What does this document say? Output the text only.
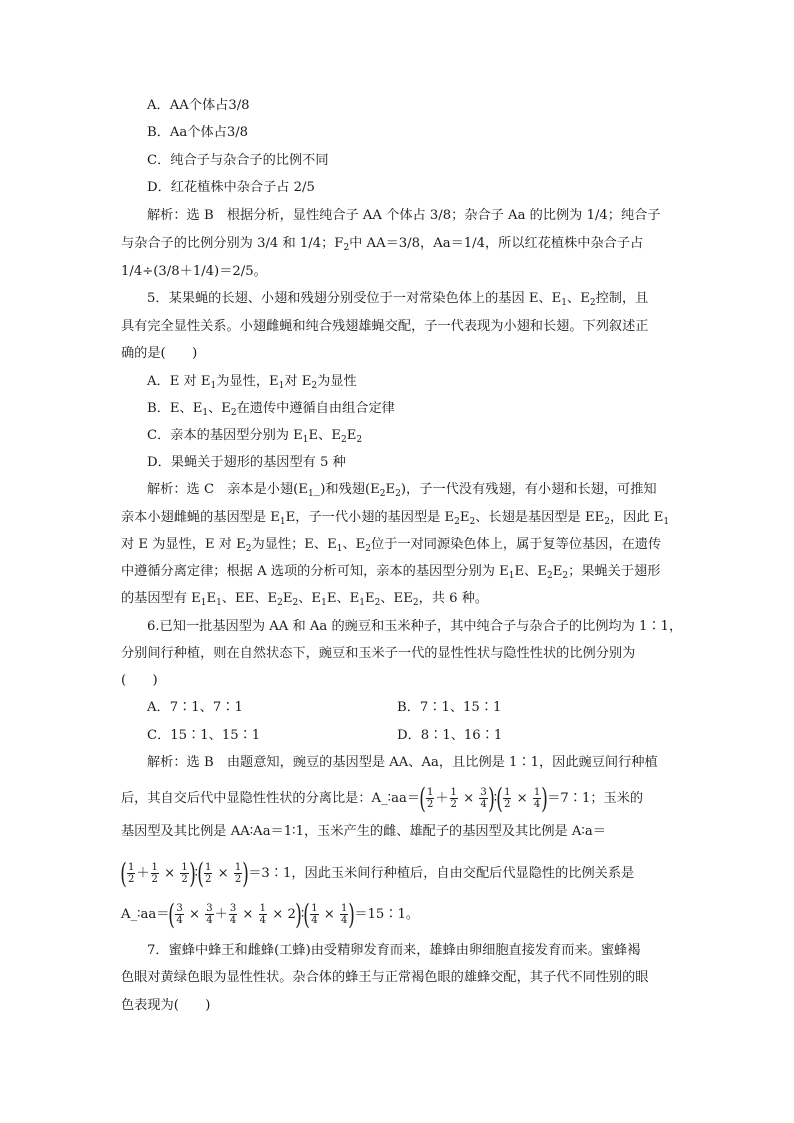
A．AA个体占3/8
B．Aa个体占3/8
C．纯合子与杂合子的比例不同
D．红花植株中杂合子占 2/5
解析：选 B　根据分析，显性纯合子 AA 个体占 3/8；杂合子 Aa 的比例为 1/4；纯合子
与杂合子的比例分别为 3/4 和 1/4；$F_2$中 AA＝3/8，Aa＝1/4，所以红花植株中杂合子占
1/4÷(3/8＋1/4)＝2/5。
5．某果蝇的长翅、小翅和残翅分别受位于一对常染色体上的基因 E、$E_1$、$E_2$控制，且
具有完全显性关系。小翅雌蝇和纯合残翅雄蝇交配，子一代表现为小翅和长翅。下列叙述正
确的是(　　)
A．E 对 $E_1$为显性，$E_1$对 $E_2$为显性
B．E、$E_1$、$E_2$在遗传中遵循自由组合定律
C．亲本的基因型分别为 $E_1E$、$E_2E_2$
D．果蝇关于翅形的基因型有 5 种
解析：选 C　亲本是小翅$(E_1\_)$和残翅$(E_2E_2)$，子一代没有残翅，有小翅和长翅，可推知
亲本小翅雌蝇的基因型是 $E_1E$，子一代小翅的基因型是 $E_2E_2$、长翅是基因型是 $EE_2$，因此 $E_1$
对 E 为显性，E 对 $E_2$为显性；E、$E_1$、$E_2$位于一对同源染色体上，属于复等位基因，在遗传
中遵循分离定律；根据 A 选项的分析可知，亲本的基因型分别为 $E_1E$、$E_2E_2$；果蝇关于翅形
的基因型有 $E_1E_1$、EE、$E_2E_2$、$E_1E$、$E_1E_2$、$EE_2$，共 6 种。
6.已知一批基因型为 AA 和 Aa 的豌豆和玉米种子，其中纯合子与杂合子的比例均为 1∶1，
分别间行种植，则在自然状态下，豌豆和玉米子一代的显性性状与隐性性状的比例分别为
(　　)
A．7∶1、7∶1	B．7∶1、15∶1
C．15∶1、15∶1	D．8∶1、16∶1
解析：选 B　由题意知，豌豆的基因型是 AA、Aa，且比例是 1∶1，因此豌豆间行种植
后，其自交后代中显隐性性状的分离比是：A_∶aa＝( $\frac{1}{2} + \frac{1}{2} \times \frac{3}{4}$ )∶( $\frac{1}{2} \times \frac{1}{4}$ )＝7∶1；玉米的
基因型及其比例是 AA∶Aa＝1∶1，玉米产生的雌、雄配子的基因型及其比例是 A∶a＝
( $\frac{1}{2} + \frac{1}{2} \times \frac{1}{2}$ )∶( $\frac{1}{2} \times \frac{1}{2}$ )＝3∶1，因此玉米间行种植后，自由交配后代显隐性的比例关系是
A_∶aa＝( $\frac{3}{4} \times \frac{3}{4} + \frac{3}{4} \times \frac{1}{4}$ × 2)∶( $\frac{1}{4} \times \frac{1}{4}$ )＝15∶1。
7．蜜蜂中蜂王和雌蜂(工蜂)由受精卵发育而来，雄蜂由卵细胞直接发育而来。蜜蜂褐
色眼对黄绿色眼为显性性状。杂合体的蜂王与正常褐色眼的雄蜂交配，其子代不同性别的眼
色表现为(　　)
